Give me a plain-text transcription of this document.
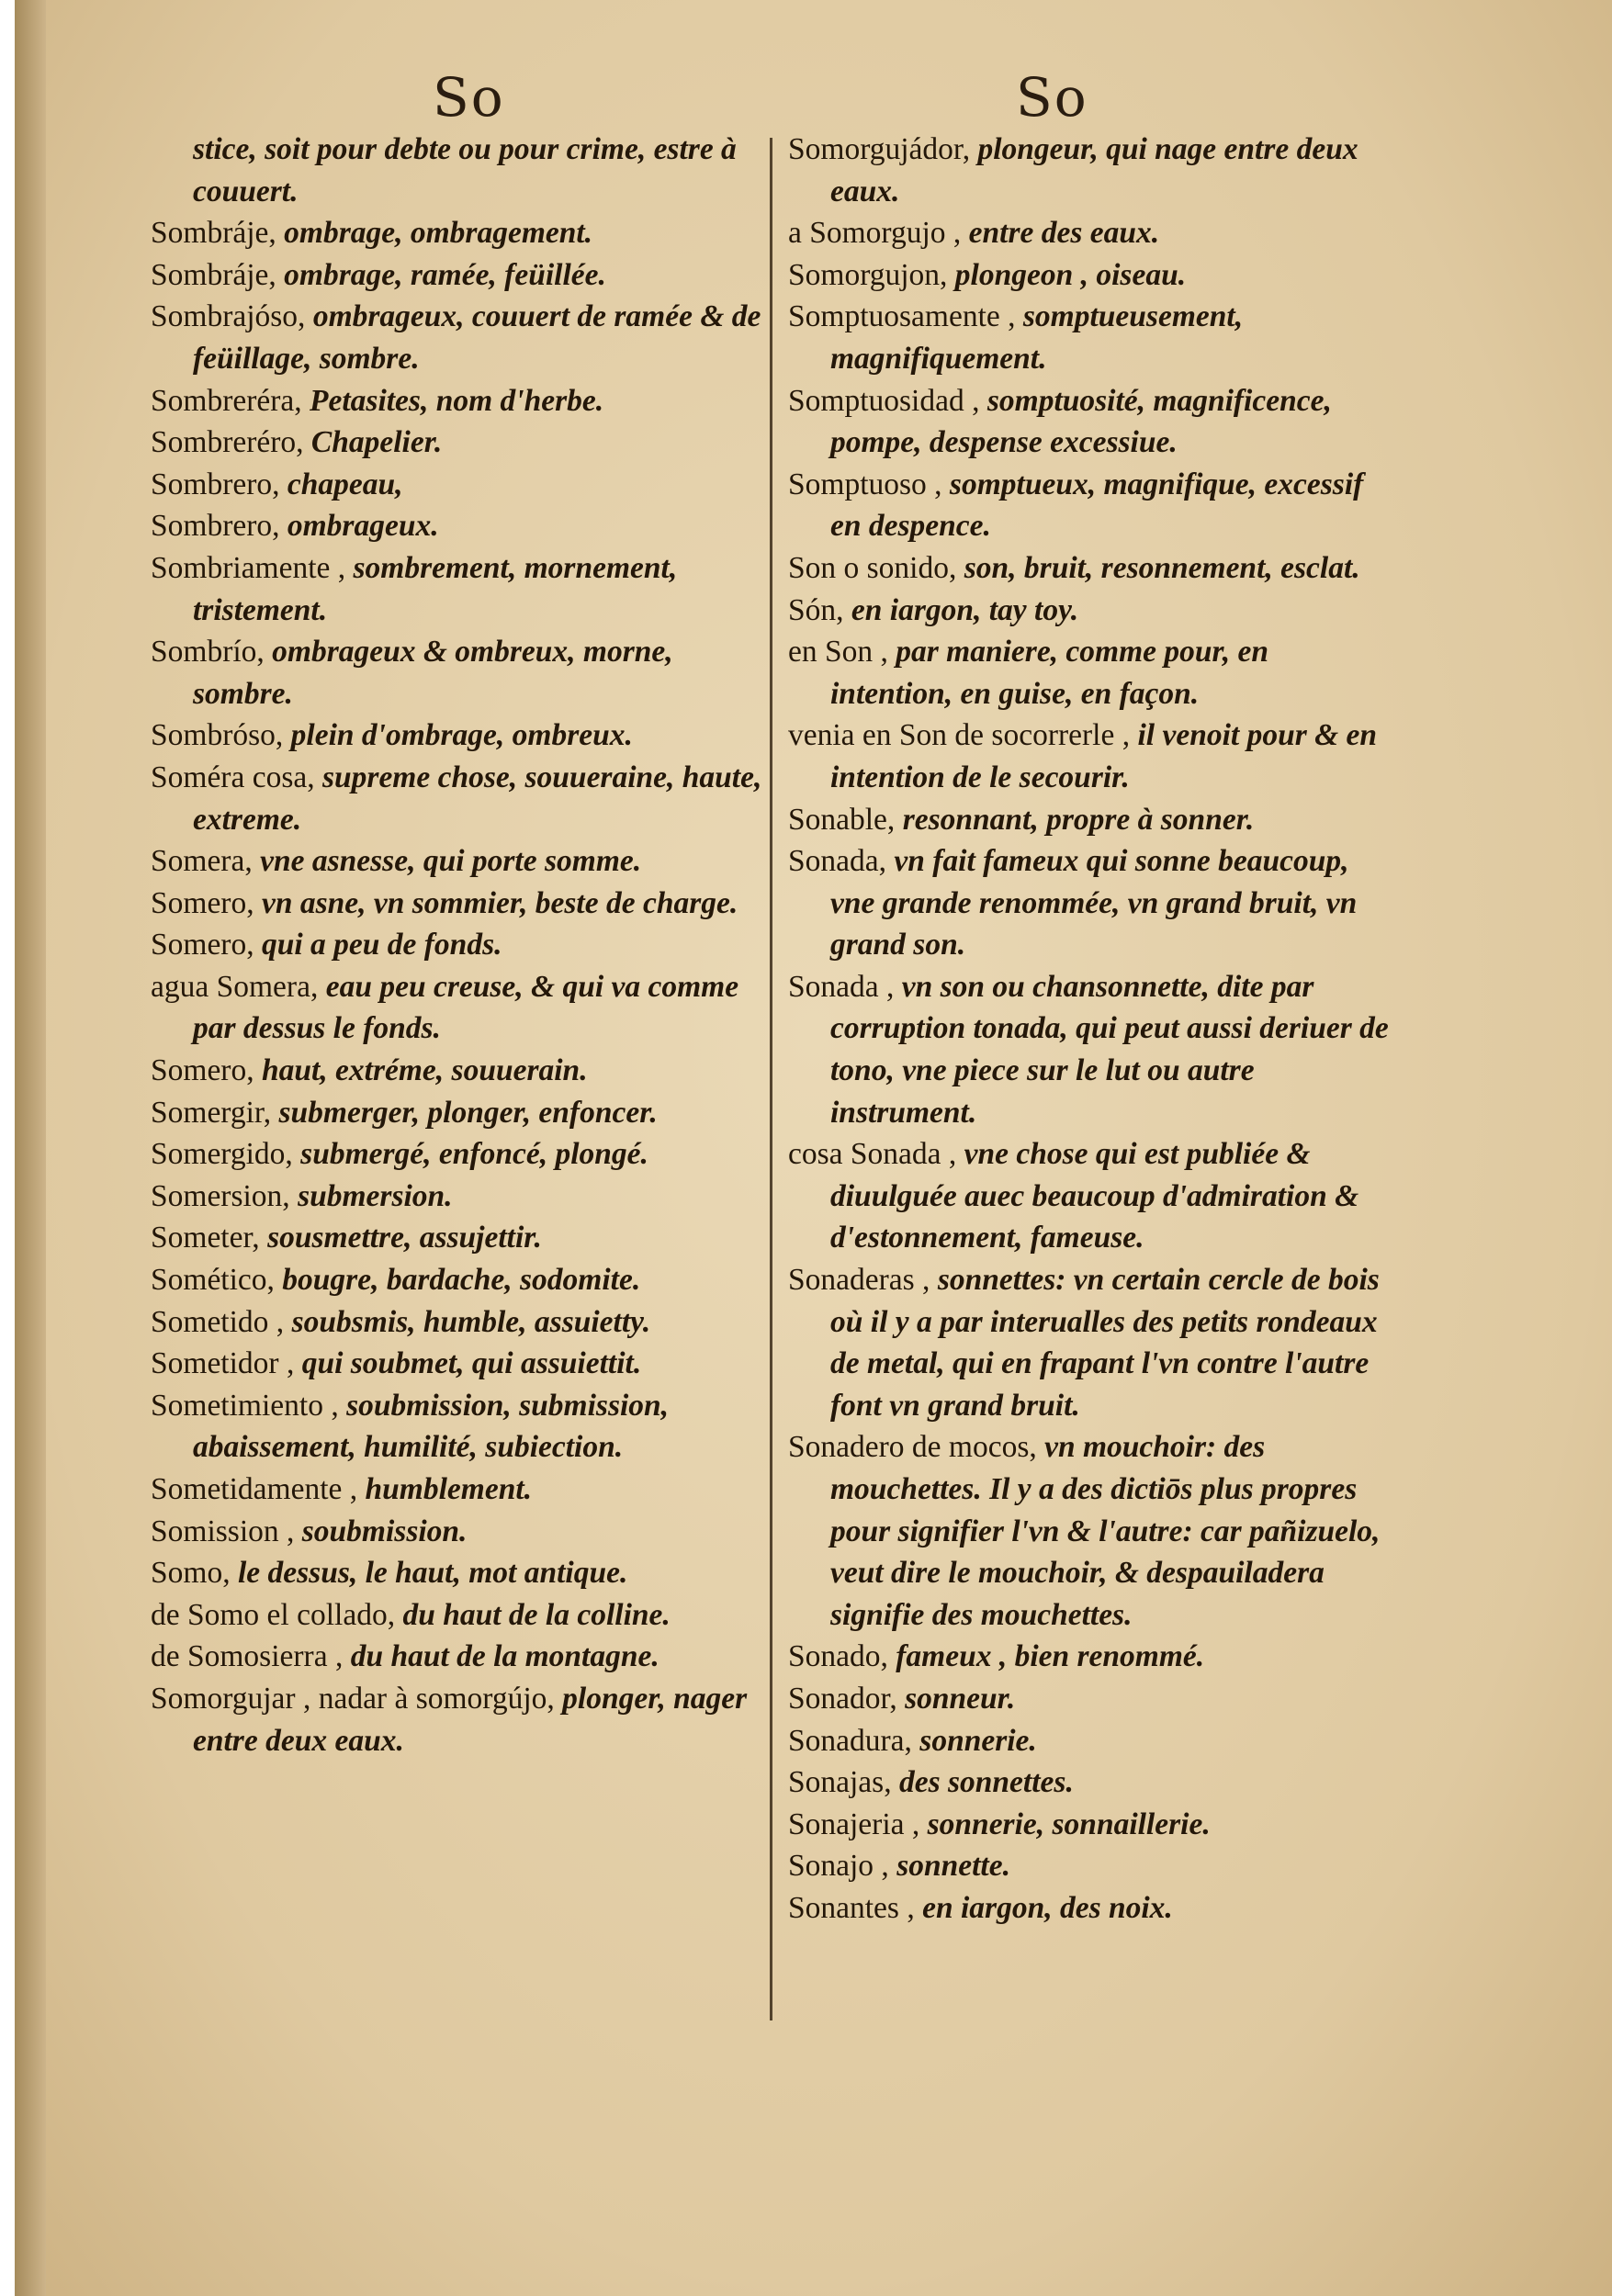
So	So
stice, soit pour debte ou pour crime, estre à couuert.
Sombráje, ombrage, ombragement.
Sombráje, ombrage, ramée, feüillée.
Sombrajóso, ombrageux, couuert de ramée & de feüillage, sombre.
Sombreréra, Petasites, nom d'herbe.
Sombreréro, Chapelier.
Sombrero, chapeau,
Sombrero, ombrageux.
Sombriamente , sombrement, mornement, tristement.
Sombrío, ombrageux & ombreux, morne, sombre.
Sombróso, plein d'ombrage, ombreux.
Soméra cosa, supreme chose, souueraine, haute, extreme.
Somera, vne asnesse, qui porte somme.
Somero, vn asne, vn sommier, beste de charge.
Somero, qui a peu de fonds.
agua Somera, eau peu creuse, & qui va comme par dessus le fonds.
Somero, haut, extréme, souuerain.
Somergir, submerger, plonger, enfoncer.
Somergido, submergé, enfoncé, plongé.
Somersion, submersion.
Someter, sousmettre, assujettir.
Somético, bougre, bardache, sodomite.
Sometido , soubsmis, humble, assuietty.
Sometidor , qui soubmet, qui assuiettit.
Sometimiento , soubmission, submission, abaissement, humilité, subiection.
Sometidamente , humblement.
Somission , soubmission.
Somo, le dessus, le haut, mot antique.
de Somo el collado, du haut de la colline.
de Somosierra , du haut de la montagne.
Somorgujar , nadar à somorgújo, plonger, nager entre deux eaux.
Somorgujádor, plongeur, qui nage entre deux eaux.
a Somorgujo , entre des eaux.
Somorgujon, plongeon , oiseau.
Somptuosamente , somptueusement, magnifiquement.
Somptuosidad , somptuosité, magnificence, pompe, despense excessiue.
Somptuoso , somptueux, magnifique, excessif en despence.
Son o sonido, son, bruit, resonnement, esclat.
Són, en iargon, tay toy.
en Son , par maniere, comme pour, en intention, en guise, en façon.
venia en Son de socorrerle , il venoit pour & en intention de le secourir.
Sonable, resonnant, propre à sonner.
Sonada, vn fait fameux qui sonne beaucoup, vne grande renommée, vn grand bruit, vn grand son.
Sonada , vn son ou chansonnette, dite par corruption tonada, qui peut aussi deriuer de tono, vne piece sur le lut ou autre instrument.
cosa Sonada , vne chose qui est publiée & diuulguée auec beaucoup d'admiration & d'estonnement, fameuse.
Sonaderas , sonnettes: vn certain cercle de bois où il y a par interualles des petits rondeaux de metal, qui en frapant l'vn contre l'autre font vn grand bruit.
Sonadero de mocos, vn mouchoir: des mouchettes. Il y a des dictiōs plus propres pour signifier l'vn & l'autre: car pañizuelo, veut dire le mouchoir, & despauiladera signifie des mouchettes.
Sonado, fameux , bien renommé.
Sonador, sonneur.
Sonadura, sonnerie.
Sonajas, des sonnettes.
Sonajeria , sonnerie, sonnaillerie.
Sonajo , sonnette.
Sonantes , en iargon, des noix.
